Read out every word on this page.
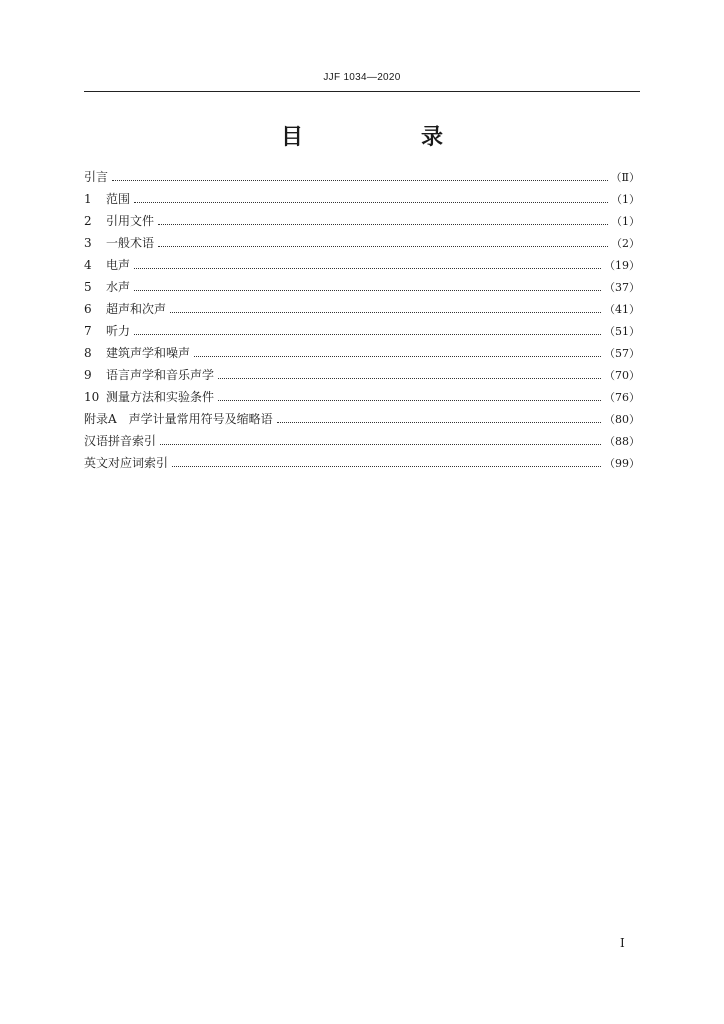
JJF 1034—2020
目　录
引言	（Ⅱ）
1	范围	（1）
2	引用文件	（1）
3	一般术语	（2）
4	电声	（19）
5	水声	（37）
6	超声和次声	（41）
7	听力	（51）
8	建筑声学和噪声	（57）
9	语言声学和音乐声学	（70）
10 测量方法和实验条件	（76）
附录A　声学计量常用符号及缩略语	（80）
汉语拼音索引	（88）
英文对应词索引	（99）
Ⅰ
